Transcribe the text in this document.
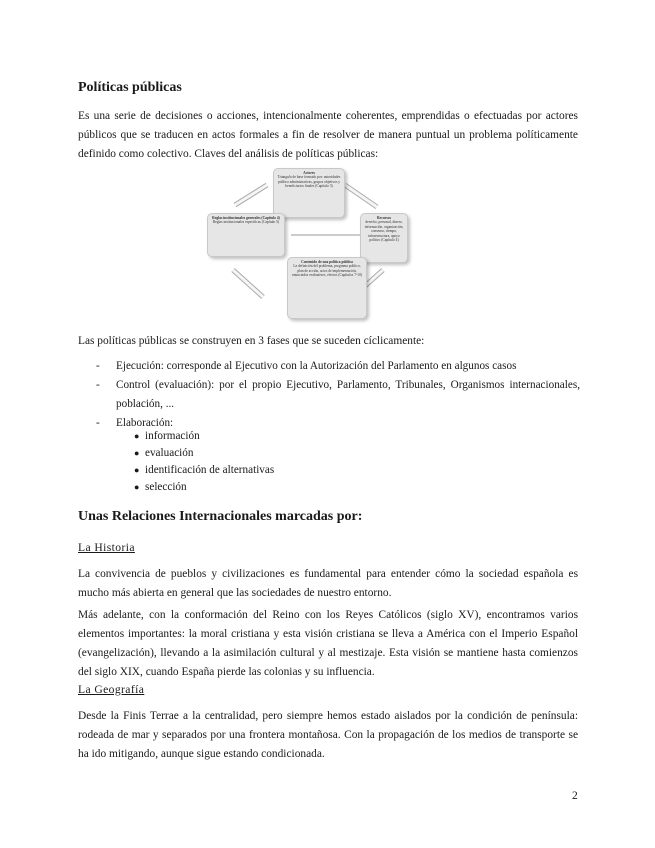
Políticas públicas

Es una serie de decisiones o acciones, intencionalmente coherentes, emprendidas o efectuadas por actores públicos que se traducen en actos formales a fin de resolver de manera puntual un problema políticamente definido como colectivo. Claves del análisis de políticas públicas:

Actores
Triangulo de base formado por: autoridades político administrativas, grupos objetivos y beneficiarios finales (Capítulo 3)
Reglas institucionales generales (Capítulo 4)
Reglas institucionales específicas (Capítulo 5)
Recursos
derecho, personal, dinero, información, organización, consenso, tiempo, infraestructura, apoyo político (Capítulo 4)
Contenido de una política pública
La definición del problema, programa político, plan de acción, actos de implementación, enunciados evaluativos, efectos (Capítulos 7-10)

Las políticas públicas se construyen en 3 fases que se suceden cíclicamente:

- Ejecución: corresponde al Ejecutivo con la Autorización del Parlamento en algunos casos
- Control (evaluación): por el propio Ejecutivo, Parlamento, Tribunales, Organismos internacionales, población, ...
- Elaboración:
● información
● evaluación
● identificación de alternativas
● selección
Unas Relaciones Internacionales marcadas por:

La Historia

La convivencia de pueblos y civilizaciones es fundamental para entender cómo la sociedad española es mucho más abierta en general que las sociedades de nuestro entorno.

Más adelante, con la conformación del Reino con los Reyes Católicos (siglo XV), encontramos varios elementos importantes: la moral cristiana y esta visión cristiana se lleva a América con el Imperio Español (evangelización), llevando a la asimilación cultural y al mestizaje. Esta visión se mantiene hasta comienzos del siglo XIX, cuando España pierde las colonias y su influencia.

La Geografía

Desde la Finis Terrae a la centralidad, pero siempre hemos estado aislados por la condición de península: rodeada de mar y separados por una frontera montañosa. Con la propagación de los medios de transporte se ha ido mitigando, aunque sigue estando condicionada.

2
